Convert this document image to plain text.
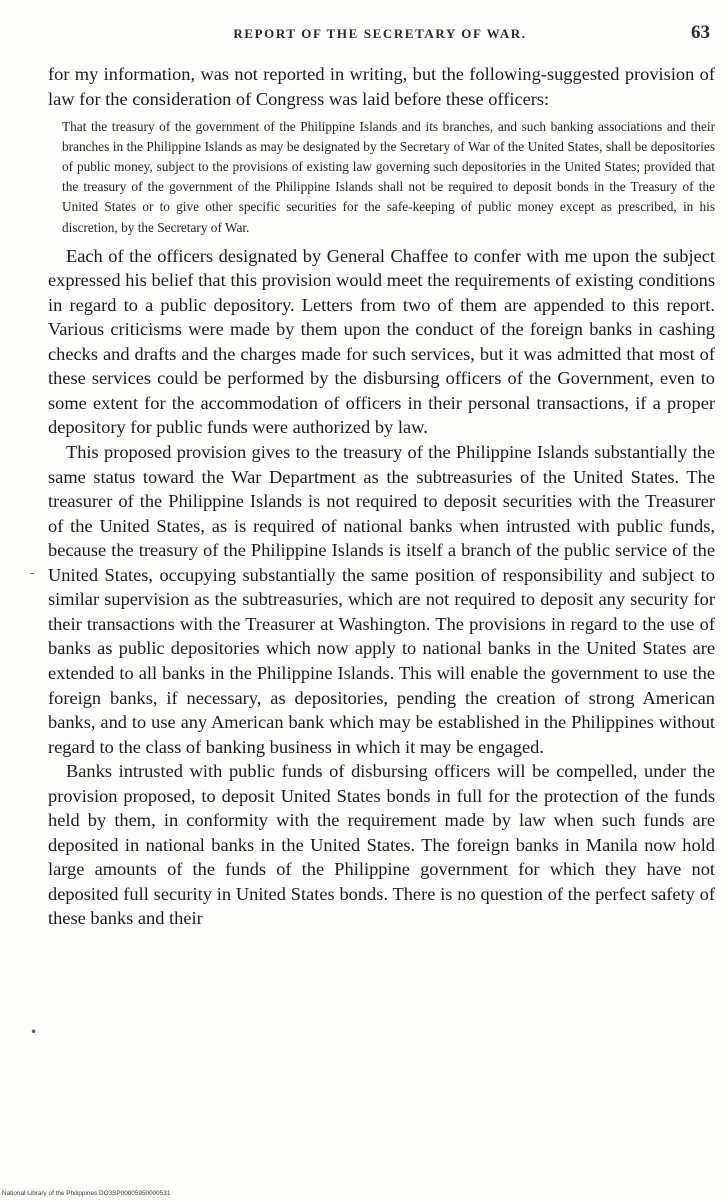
REPORT OF THE SECRETARY OF WAR.	63

for my information, was not reported in writing, but the following-suggested provision of law for the consideration of Congress was laid before these officers:

That the treasury of the government of the Philippine Islands and its branches, and such banking associations and their branches in the Philippine Islands as may be designated by the Secretary of War of the United States, shall be depositories of public money, subject to the provisions of existing law governing such depositories in the United States; provided that the treasury of the government of the Philippine Islands shall not be required to deposit bonds in the Treasury of the United States or to give other specific securities for the safe-keeping of public money except as prescribed, in his discretion, by the Secretary of War.

Each of the officers designated by General Chaffee to confer with me upon the subject expressed his belief that this provision would meet the requirements of existing conditions in regard to a public depository. Letters from two of them are appended to this report. Various criticisms were made by them upon the conduct of the foreign banks in cashing checks and drafts and the charges made for such services, but it was admitted that most of these services could be performed by the disbursing officers of the Government, even to some extent for the accommodation of officers in their personal transactions, if a proper depository for public funds were authorized by law.

This proposed provision gives to the treasury of the Philippine Islands substantially the same status toward the War Department as the subtreasuries of the United States. The treasurer of the Philippine Islands is not required to deposit securities with the Treasurer of the United States, as is required of national banks when intrusted with public funds, because the treasury of the Philippine Islands is itself a branch of the public service of the United States, occupying substantially the same position of responsibility and subject to similar supervision as the subtreasuries, which are not required to deposit any security for their transactions with the Treasurer at Washington. The provisions in regard to the use of banks as public depositories which now apply to national banks in the United States are extended to all banks in the Philippine Islands. This will enable the government to use the foreign banks, if necessary, as depositories, pending the creation of strong American banks, and to use any American bank which may be established in the Philippines without regard to the class of banking business in which it may be engaged.

Banks intrusted with public funds of disbursing officers will be compelled, under the provision proposed, to deposit United States bonds in full for the protection of the funds held by them, in conformity with the requirement made by law when such funds are deposited in national banks in the United States. The foreign banks in Manila now hold large amounts of the funds of the Philippine government for which they have not deposited full security in United States bonds. There is no question of the perfect safety of these banks and their

-
•
National Library of the Philippines DO3SP00005950000531
